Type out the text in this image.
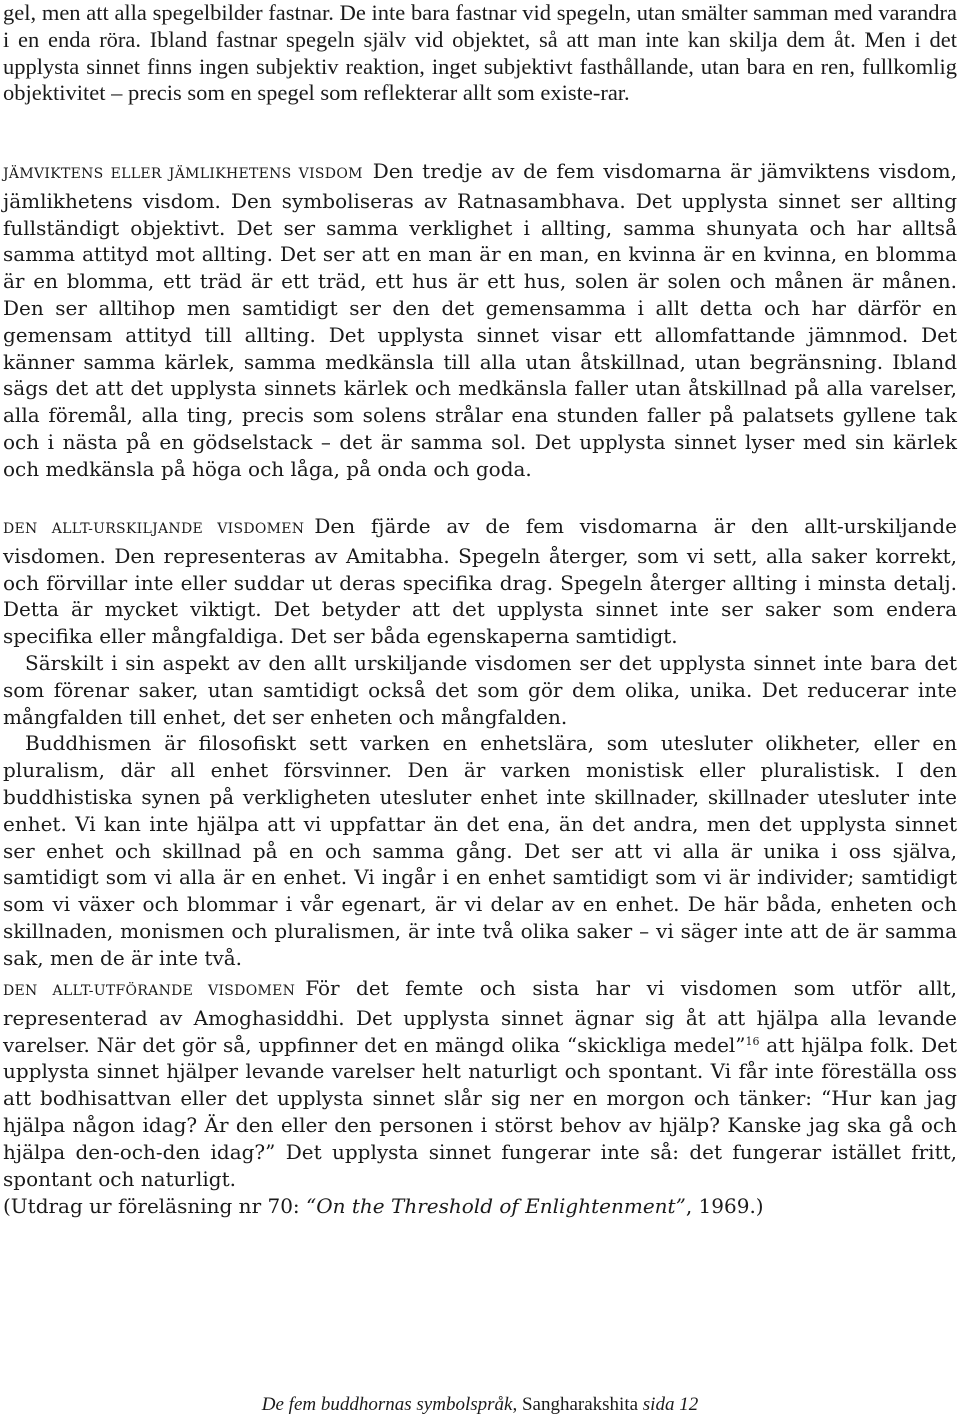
gel, men att alla spegelbilder fastnar. De inte bara fastnar vid spegeln, utan smälter samman med varandra i en enda röra. Ibland fastnar spegeln själv vid objektet, så att man inte kan skilja dem åt. Men i det upplysta sinnet finns ingen subjektiv reaktion, inget subjektivt fasthållande, utan bara en ren, fullkomlig objektivitet – precis som en spegel som reflekterar allt som existe-rar.

JÄMVIKTENS ELLER JÄMLIKHETENS VISDOM Den tredje av de fem visdomarna är jämviktens visdom, jämlikhetens visdom. Den symboliseras av Ratnasambhava. Det upplysta sinnet ser allting fullständigt objektivt. Det ser samma verklighet i allting, samma shunyata och har alltså samma attityd mot allting. Det ser att en man är en man, en kvinna är en kvinna, en blomma är en blomma, ett träd är ett träd, ett hus är ett hus, solen är solen och månen är månen. Den ser alltihop men samtidigt ser den det gemensamma i allt detta och har därför en gemensam attityd till allting. Det upplysta sinnet visar ett allomfattande jämnmod. Det känner samma kärlek, samma medkänsla till alla utan åtskillnad, utan begränsning. Ibland sägs det att det upplysta sinnets kärlek och medkänsla faller utan åtskillnad på alla varelser, alla föremål, alla ting, precis som solens strålar ena stunden faller på palatsets gyllene tak och i nästa på en gödselstack – det är samma sol. Det upplysta sinnet lyser med sin kärlek och medkänsla på höga och låga, på onda och goda.

DEN ALLT-URSKILJANDE VISDOMEN Den fjärde av de fem visdomarna är den allt-urskiljande visdomen. Den representeras av Amitabha. Spegeln återger, som vi sett, alla saker korrekt, och förvillar inte eller suddar ut deras specifika drag. Spegeln återger allting i minsta detalj. Detta är mycket viktigt. Det betyder att det upplysta sinnet inte ser saker som endera specifika eller mångfaldiga. Det ser båda egenskaperna samtidigt.

Särskilt i sin aspekt av den allt urskiljande visdomen ser det upplysta sinnet inte bara det som förenar saker, utan samtidigt också det som gör dem olika, unika. Det reducerar inte mångfalden till enhet, det ser enheten och mångfalden.

Buddhismen är filosofiskt sett varken en enhetslära, som utesluter olikheter, eller en pluralism, där all enhet försvinner. Den är varken monistisk eller pluralistisk. I den buddhistiska synen på verkligheten utesluter enhet inte skillnader, skillnader utesluter inte enhet. Vi kan inte hjälpa att vi uppfattar än det ena, än det andra, men det upplysta sinnet ser enhet och skillnad på en och samma gång. Det ser att vi alla är unika i oss själva, samtidigt som vi alla är en enhet. Vi ingår i en enhet samtidigt som vi är individer; samtidigt som vi växer och blommar i vår egenart, är vi delar av en enhet. De här båda, enheten och skillnaden, monismen och pluralismen, är inte två olika saker – vi säger inte att de är samma sak, men de är inte två.

DEN ALLT-UTFÖRANDE VISDOMEN För det femte och sista har vi visdomen som utför allt, representerad av Amoghasiddhi. Det upplysta sinnet ägnar sig åt att hjälpa alla levande varelser. När det gör så, uppfinner det en mängd olika “skickliga medel”$^{16}$ att hjälpa folk. Det upplysta sinnet hjälper levande varelser helt naturligt och spontant. Vi får inte föreställa oss att bodhisattvan eller det upplysta sinnet slår sig ner en morgon och tänker: “Hur kan jag hjälpa någon idag? Är den eller den personen i störst behov av hjälp? Kanske jag ska gå och hjälpa den-och-den idag?” Det upplysta sinnet fungerar inte så: det fungerar istället fritt, spontant och naturligt.

(Utdrag ur föreläsning nr 70: “On the Threshold of Enlightenment”, 1969.)

De fem buddhornas symbolspråk, Sangharakshita sida 12
